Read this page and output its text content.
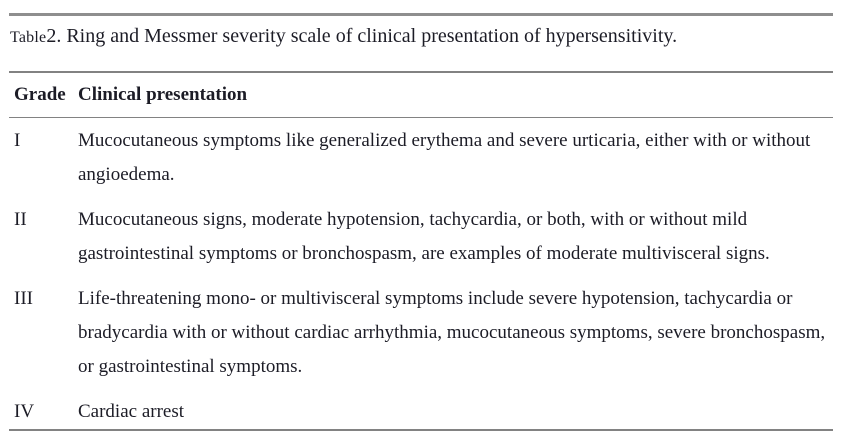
Table2. Ring and Messmer severity scale of clinical presentation of hypersensitivity.
Grade Clinical presentation
I	Mucocutaneous symptoms like generalized erythema and severe urticaria, either with or without angioedema.
II	Mucocutaneous signs, moderate hypotension, tachycardia, or both, with or without mild gastrointestinal symptoms or bronchospasm, are examples of moderate multivisceral signs.
III	Life-threatening mono- or multivisceral symptoms include severe hypotension, tachycardia or bradycardia with or without cardiac arrhythmia, mucocutaneous symptoms, severe bronchospasm, or gastrointestinal symptoms.
IV	Cardiac arrest
